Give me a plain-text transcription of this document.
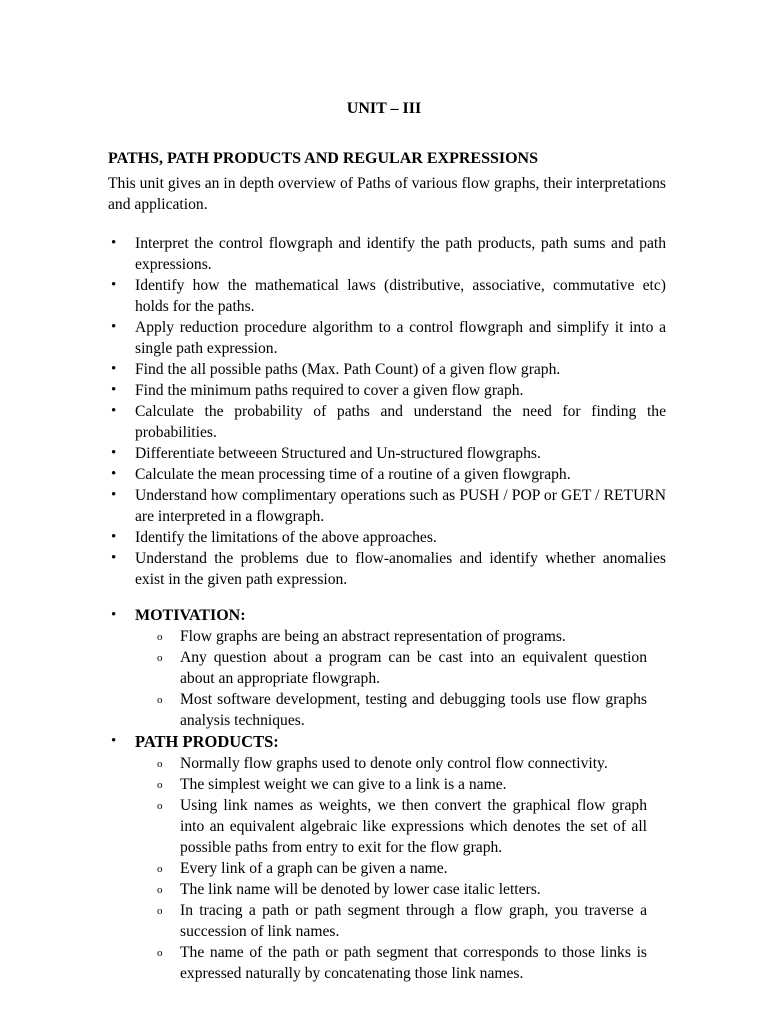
UNIT – III
PATHS, PATH PRODUCTS AND REGULAR EXPRESSIONS

This unit gives an in depth overview of Paths of various flow graphs, their interpretations and application.

• Interpret the control flowgraph and identify the path products, path sums and path expressions.
• Identify how the mathematical laws (distributive, associative, commutative etc) holds for the paths.
• Apply reduction procedure algorithm to a control flowgraph and simplify it into a single path expression.
• Find the all possible paths (Max. Path Count) of a given flow graph.
• Find the minimum paths required to cover a given flow graph.
• Calculate the probability of paths and understand the need for finding the probabilities.
• Differentiate betweeen Structured and Un-structured flowgraphs.
• Calculate the mean processing time of a routine of a given flowgraph.
• Understand how complimentary operations such as PUSH / POP or GET / RETURN are interpreted in a flowgraph.
• Identify the limitations of the above approaches.
• Understand the problems due to flow-anomalies and identify whether anomalies exist in the given path expression.
• MOTIVATION:
o Flow graphs are being an abstract representation of programs.
o Any question about a program can be cast into an equivalent question about an appropriate flowgraph.
o Most software development, testing and debugging tools use flow graphs analysis techniques.
• PATH PRODUCTS:
o Normally flow graphs used to denote only control flow connectivity.
o The simplest weight we can give to a link is a name.
o Using link names as weights, we then convert the graphical flow graph into an equivalent algebraic like expressions which denotes the set of all possible paths from entry to exit for the flow graph.
o Every link of a graph can be given a name.
o The link name will be denoted by lower case italic letters.
o In tracing a path or path segment through a flow graph, you traverse a succession of link names.
o The name of the path or path segment that corresponds to those links is expressed naturally by concatenating those link names.
